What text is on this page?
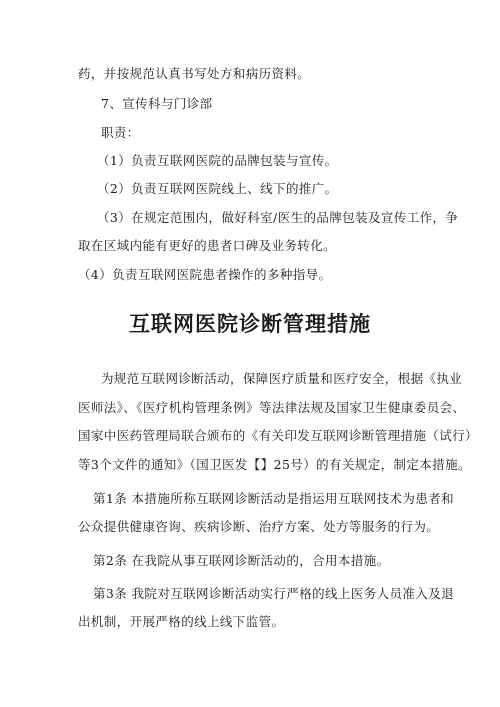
药，并按规范认真书写处方和病历资料。
7、宣传科与门诊部
职责：
（1）负责互联网医院的品牌包装与宣传。
（2）负责互联网医院线上、线下的推广。
（3）在规定范围内，做好科室/医生的品牌包装及宣传工作，争
取在区域内能有更好的患者口碑及业务转化。
（4）负责互联网医院患者操作的多种指导。
互联网医院诊断管理措施
为规范互联网诊断活动，保障医疗质量和医疗安全，根据《执业
医师法》、《医疗机构管理条例》等法律法规及国家卫生健康委员会、
国家中医药管理局联合颁布的《有关印发互联网诊断管理措施（试行）
等3个文件的通知》（国卫医发【】25号）的有关规定，制定本措施。
第1条 本措施所称互联网诊断活动是指运用互联网技术为患者和
公众提供健康咨询、疾病诊断、治疗方案、处方等服务的行为。
第2条 在我院从事互联网诊断活动的，合用本措施。
第3条 我院对互联网诊断活动实行严格的线上医务人员准入及退
出机制，开展严格的线上线下监管。
